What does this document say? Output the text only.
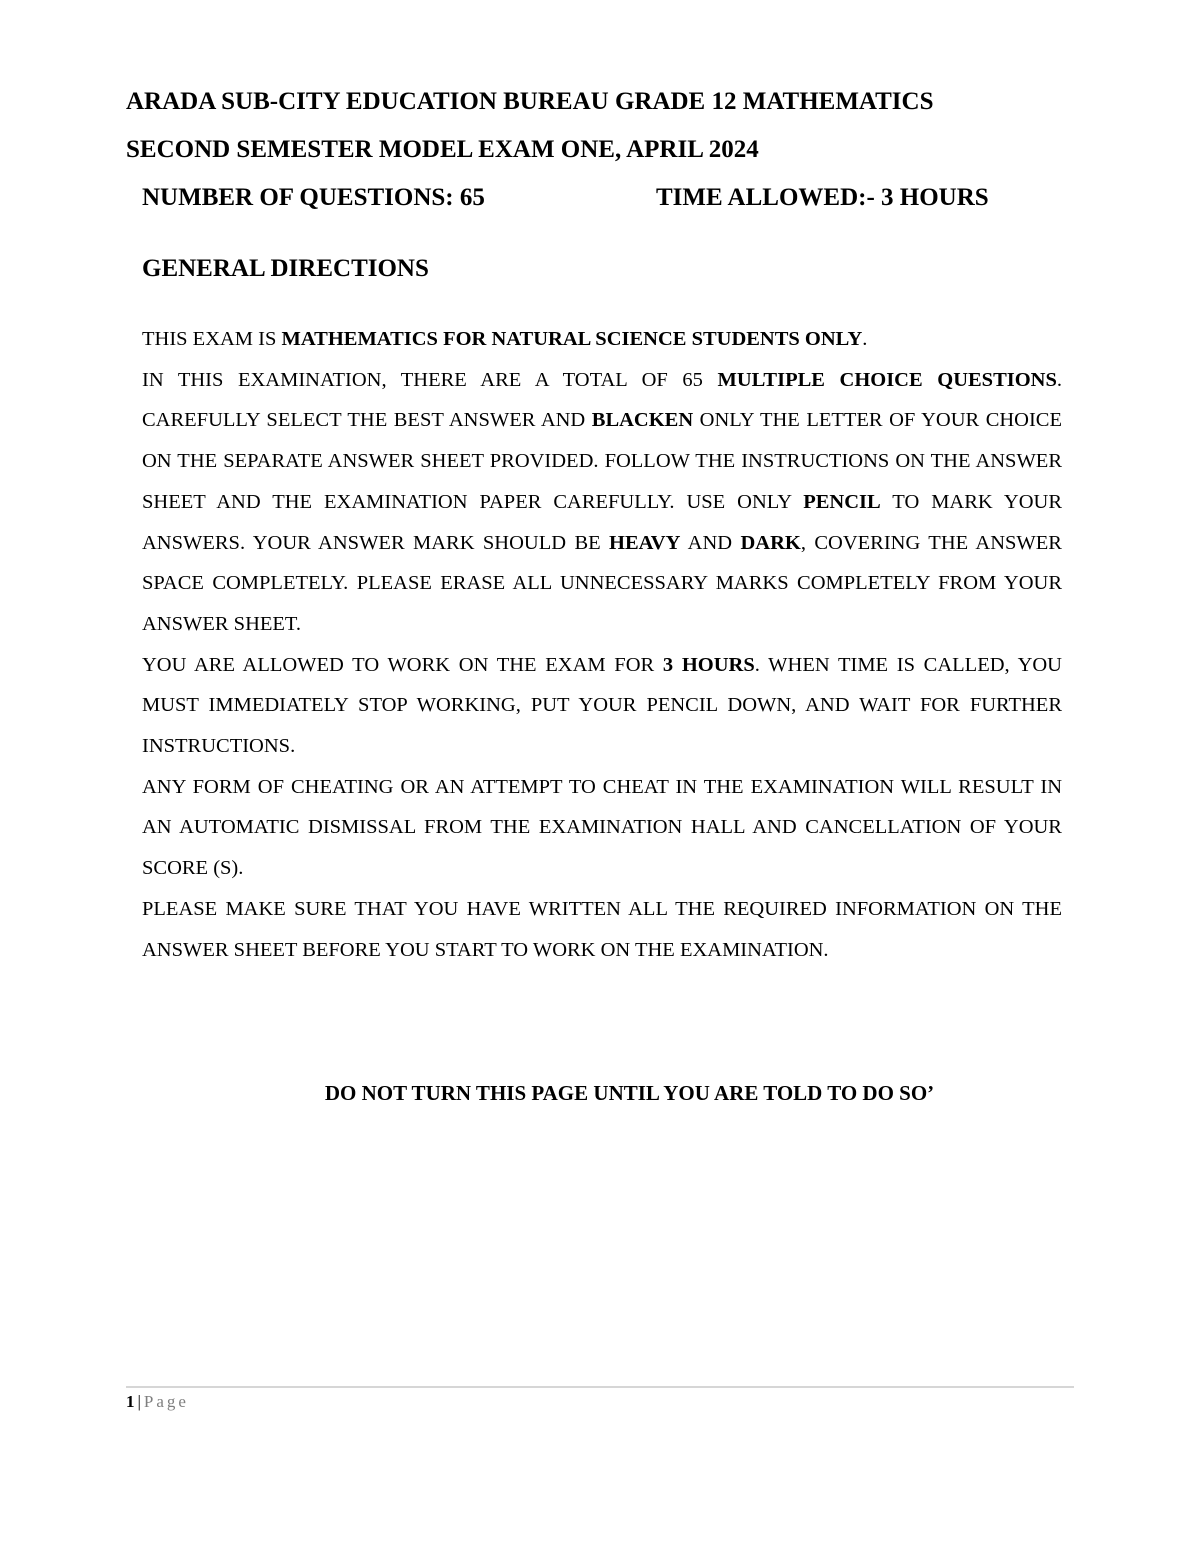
ARADA SUB-CITY EDUCATION BUREAU GRADE 12 MATHEMATICS
SECOND SEMESTER MODEL EXAM ONE, APRIL 2024
NUMBER OF QUESTIONS: 65	TIME ALLOWED:- 3 HOURS
GENERAL DIRECTIONS

THIS EXAM IS MATHEMATICS FOR NATURAL SCIENCE STUDENTS ONLY.

IN THIS EXAMINATION, THERE ARE A TOTAL OF 65 MULTIPLE CHOICE QUESTIONS. CAREFULLY SELECT THE BEST ANSWER AND BLACKEN ONLY THE LETTER OF YOUR CHOICE ON THE SEPARATE ANSWER SHEET PROVIDED. FOLLOW THE INSTRUCTIONS ON THE ANSWER SHEET AND THE EXAMINATION PAPER CAREFULLY. USE ONLY PENCIL TO MARK YOUR ANSWERS. YOUR ANSWER MARK SHOULD BE HEAVY AND DARK, COVERING THE ANSWER SPACE COMPLETELY. PLEASE ERASE ALL UNNECESSARY MARKS COMPLETELY FROM YOUR ANSWER SHEET.

YOU ARE ALLOWED TO WORK ON THE EXAM FOR 3 HOURS. WHEN TIME IS CALLED, YOU MUST IMMEDIATELY STOP WORKING, PUT YOUR PENCIL DOWN, AND WAIT FOR FURTHER INSTRUCTIONS.

ANY FORM OF CHEATING OR AN ATTEMPT TO CHEAT IN THE EXAMINATION WILL RESULT IN AN AUTOMATIC DISMISSAL FROM THE EXAMINATION HALL AND CANCELLATION OF YOUR SCORE (S).

PLEASE MAKE SURE THAT YOU HAVE WRITTEN ALL THE REQUIRED INFORMATION ON THE ANSWER SHEET BEFORE YOU START TO WORK ON THE EXAMINATION.

DO NOT TURN THIS PAGE UNTIL YOU ARE TOLD TO DO SO’
1 | Page
